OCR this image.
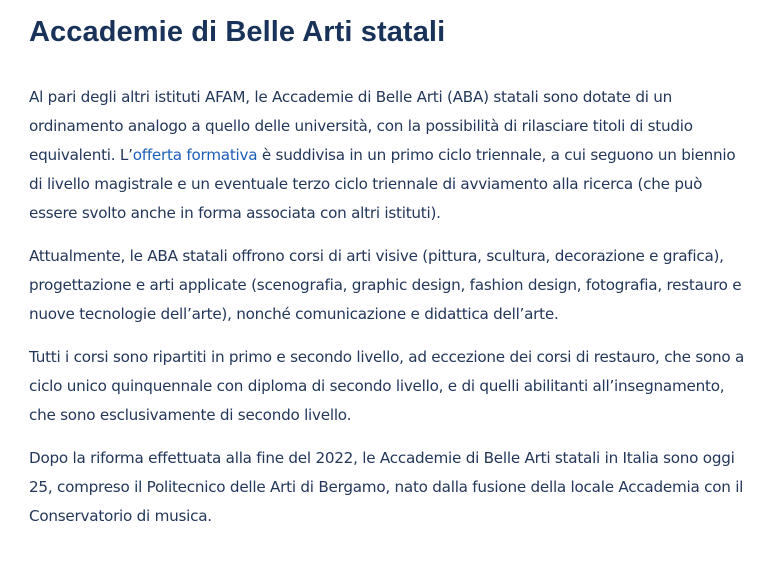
Accademie di Belle Arti statali

Al pari degli altri istituti AFAM, le Accademie di Belle Arti (ABA) statali sono dotate di un ordinamento analogo a quello delle università, con la possibilità di rilasciare titoli di studio equivalenti. L’offerta formativa è suddivisa in un primo ciclo triennale, a cui seguono un biennio di livello magistrale e un eventuale terzo ciclo triennale di avviamento alla ricerca (che può essere svolto anche in forma associata con altri istituti).

Attualmente, le ABA statali offrono corsi di arti visive (pittura, scultura, decorazione e grafica), progettazione e arti applicate (scenografia, graphic design, fashion design, fotografia, restauro e nuove tecnologie dell’arte), nonché comunicazione e didattica dell’arte.

Tutti i corsi sono ripartiti in primo e secondo livello, ad eccezione dei corsi di restauro, che sono a ciclo unico quinquennale con diploma di secondo livello, e di quelli abilitanti all’insegnamento, che sono esclusivamente di secondo livello.

Dopo la riforma effettuata alla fine del 2022, le Accademie di Belle Arti statali in Italia sono oggi 25, compreso il Politecnico delle Arti di Bergamo, nato dalla fusione della locale Accademia con il Conservatorio di musica.
